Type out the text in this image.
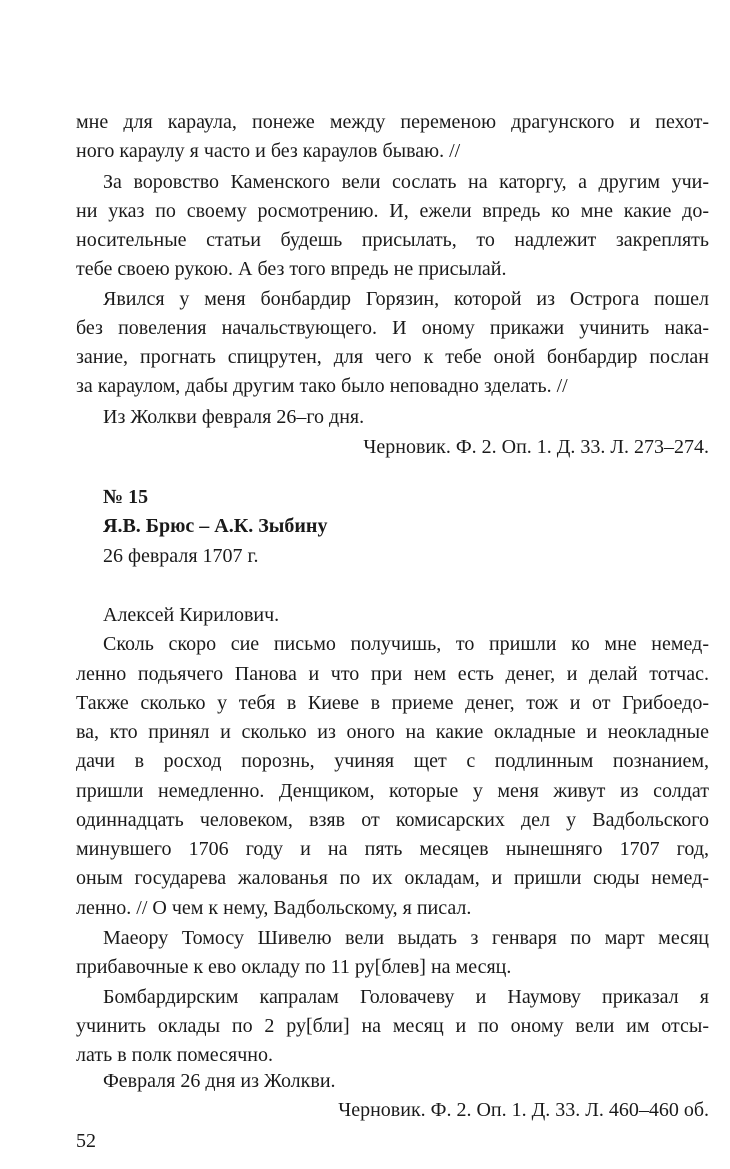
мне для караула, понеже между переменою драгунского и пехот-

ного караулу я часто и без караулов бываю. //

За воровство Каменского вели сослать на каторгу, а другим учи-

ни указ по своему росмотрению. И, ежели впредь ко мне какие до-

носительные статьи будешь присылать, то надлежит закреплять

тебе своею рукою. А без того впредь не присылай.

Явился у меня бонбардир Горязин, которой из Острога пошел

без повеления начальствующего. И оному прикажи учинить нака-

зание, прогнать спицрутен, для чего к тебе оной бонбардир послан

за караулом, дабы другим тако было неповадно зделать. //

Из Жолкви февраля 26–го дня.

Черновик. Ф. 2. Оп. 1. Д. 33. Л. 273–274.

№ 15

Я.В. Брюс – А.К. Зыбину

26 февраля 1707 г.

Алексей Кирилович.

Сколь скоро сие письмо получишь, то пришли ко мне немед-

ленно подьячего Панова и что при нем есть денег, и делай тотчас.

Также сколько у тебя в Киеве в приеме денег, тож и от Грибоедо-

ва, кто принял и сколько из оного на какие окладные и неокладные

дачи в росход порознь, учиняя щет с подлинным познанием,

пришли немедленно. Денщиком, которые у меня живут из солдат

одиннадцать человеком, взяв от комисарских дел у Вадбольского

минувшего 1706 году и на пять месяцев нынешняго 1707 год,

оным государева жалованья по их окладам, и пришли сюды немед-

ленно. // О чем к нему, Вадбольскому, я писал.

Маеору Томосу Шивелю вели выдать з генваря по март месяц

прибавочные к ево окладу по 11 ру[блев] на месяц.

Бомбардирским капралам Головачеву и Наумову приказал я

учинить оклады по 2 ру[бли] на месяц и по оному вели им отсы-

лать в полк помесячно.

Февраля 26 дня из Жолкви.

Черновик. Ф. 2. Оп. 1. Д. 33. Л. 460–460 об.

52
